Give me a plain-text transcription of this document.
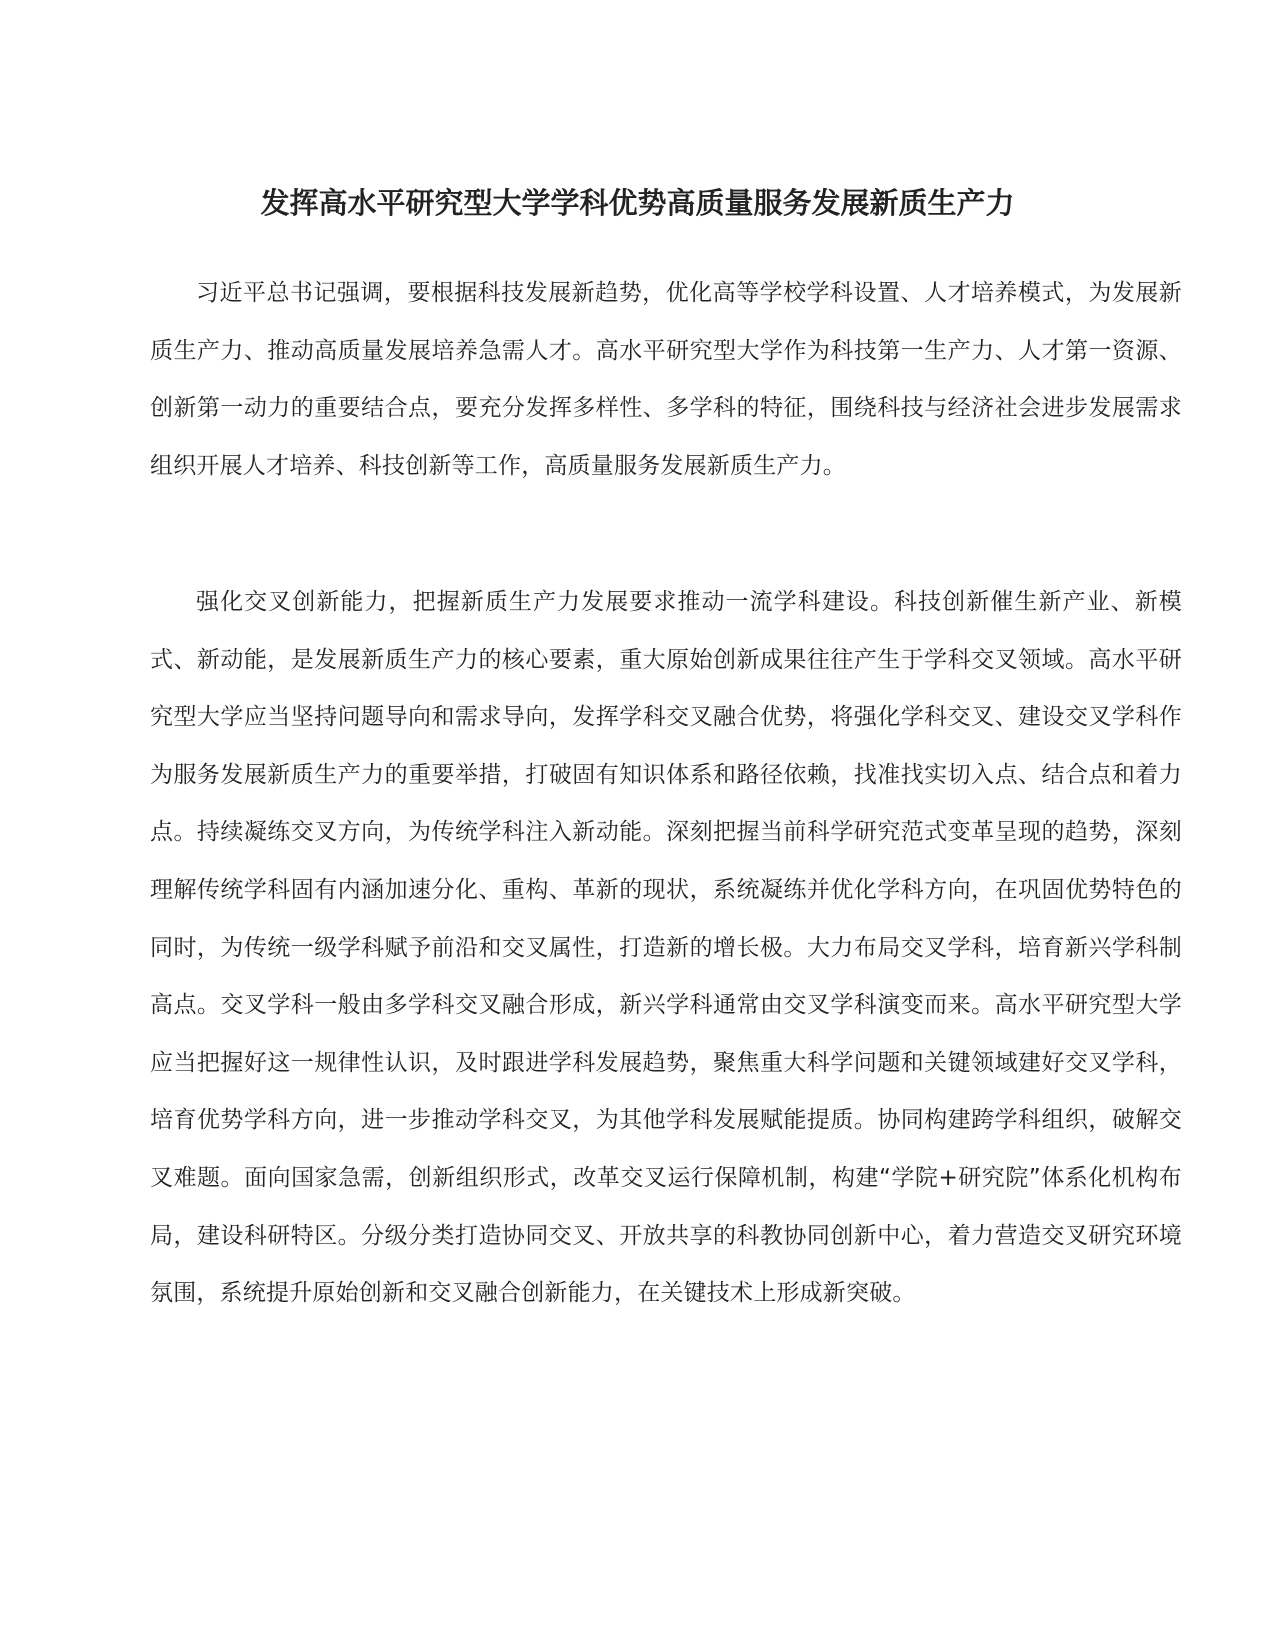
发挥高水平研究型大学学科优势高质量服务发展新质生产力

习近平总书记强调，要根据科技发展新趋势，优化高等学校学科设置、人才培养模式，为发展新质生产力、推动高质量发展培养急需人才。高水平研究型大学作为科技第一生产力、人才第一资源、创新第一动力的重要结合点，要充分发挥多样性、多学科的特征，围绕科技与经济社会进步发展需求组织开展人才培养、科技创新等工作，高质量服务发展新质生产力。

强化交叉创新能力，把握新质生产力发展要求推动一流学科建设。科技创新催生新产业、新模式、新动能，是发展新质生产力的核心要素，重大原始创新成果往往产生于学科交叉领域。高水平研究型大学应当坚持问题导向和需求导向，发挥学科交叉融合优势，将强化学科交叉、建设交叉学科作为服务发展新质生产力的重要举措，打破固有知识体系和路径依赖，找准找实切入点、结合点和着力点。持续凝练交叉方向，为传统学科注入新动能。深刻把握当前科学研究范式变革呈现的趋势，深刻理解传统学科固有内涵加速分化、重构、革新的现状，系统凝练并优化学科方向，在巩固优势特色的同时，为传统一级学科赋予前沿和交叉属性，打造新的增长极。大力布局交叉学科，培育新兴学科制高点。交叉学科一般由多学科交叉融合形成，新兴学科通常由交叉学科演变而来。高水平研究型大学应当把握好这一规律性认识，及时跟进学科发展趋势，聚焦重大科学问题和关键领域建好交叉学科，培育优势学科方向，进一步推动学科交叉，为其他学科发展赋能提质。协同构建跨学科组织，破解交叉难题。面向国家急需，创新组织形式，改革交叉运行保障机制，构建“学院+研究院”体系化机构布局，建设科研特区。分级分类打造协同交叉、开放共享的科教协同创新中心，着力营造交叉研究环境氛围，系统提升原始创新和交叉融合创新能力，在关键技术上形成新突破。
